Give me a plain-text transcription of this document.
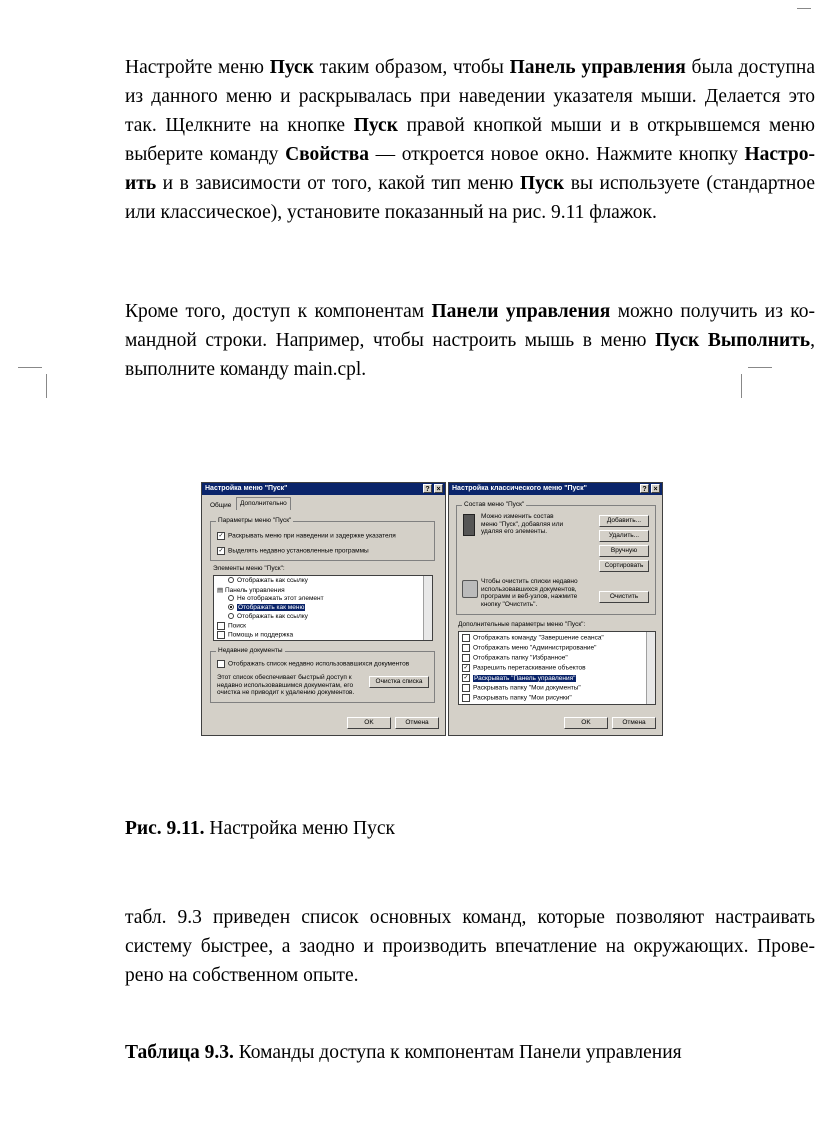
Настройте меню Пуск таким образом, чтобы Панель управления была доступна из данного меню и раскрывалась при наведении указателя мыши. Делается это так. Щелкните на кнопке Пуск правой кнопкой мыши и в открывшемся меню выберите команду Свойства — откроется новое окно. Нажмите кнопку Настро-ить и в зависимости от того, какой тип меню Пуск вы используете (стандартное или классическое), установите показанный на рис. 9.11 флажок.
Кроме того, доступ к компонентам Панели управления можно получить из ко-мандной строки. Например, чтобы настроить мышь в меню Пуск Выполнить, выполните команду main.cpl.
Настройка меню "Пуск"	? ×
Общие	Дополнительно
Параметры меню "Пуск"
✓ Раскрывать меню при наведении и задержке указателя
✓ Выделять недавно установленные программы
Элементы меню "Пуск":
Отображать как ссылку
▤ Панель управления
Не отображать этот элемент
Отображать как меню
Отображать как ссылку
Поиск
Помощь и поддержка
Недавние документы
Отображать список недавно использовавшихся документов
Этот список обеспечивает быстрый доступ к недавно использовавшимся документам, его очистка не приводит к удалению документов.
Очистка списка
OK	Отмена
Настройка классического меню "Пуск"	? ×
Состав меню "Пуск"
Можно изменить состав меню "Пуск", добавляя или удаляя его элементы.
Добавить...
Удалить...
Вручную
Сортировать
Чтобы очистить списки недавно использовавшихся документов, программ и веб-узлов, нажмите кнопку "Очистить".
Очистить
Дополнительные параметры меню "Пуск":
Отображать команду "Завершение сеанса"
Отображать меню "Администрирование"
Отображать папку "Избранное"
✓ Разрешить перетаскивание объектов
✓ Раскрывать "Панель управления"
Раскрывать папку "Мои документы"
Раскрывать папку "Мои рисунки"
OK	Отмена
Рис. 9.11. Настройка меню Пуск
табл. 9.3 приведен список основных команд, которые позволяют настраивать систему быстрее, а заодно и производить впечатление на окружающих. Прове-рено на собственном опыте.
Таблица 9.3. Команды доступа к компонентам Панели управления
